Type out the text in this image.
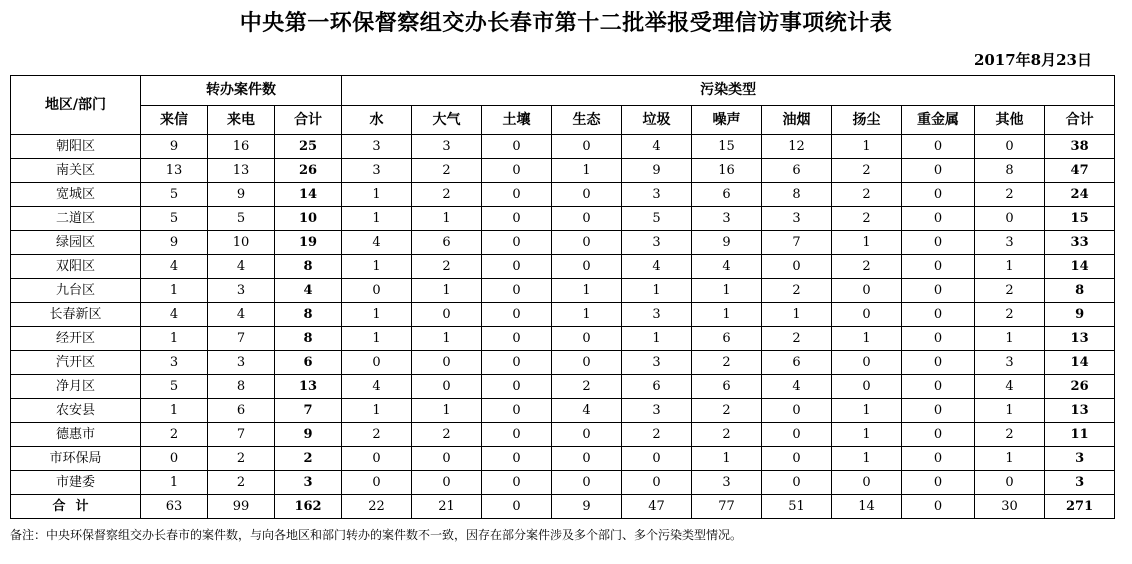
中央第一环保督察组交办长春市第十二批举报受理信访事项统计表
2017年8月23日
地区/部门	转办案件数			污染类型										
	来信	来电	合计	水	大气	土壤	生态	垃圾	噪声	油烟	扬尘	重金属	其他	合计
朝阳区	9	16	25	3	3	0	0	4	15	12	1	0	0	38
南关区	13	13	26	3	2	0	1	9	16	6	2	0	8	47
宽城区	5	9	14	1	2	0	0	3	6	8	2	0	2	24
二道区	5	5	10	1	1	0	0	5	3	3	2	0	0	15
绿园区	9	10	19	4	6	0	0	3	9	7	1	0	3	33
双阳区	4	4	8	1	2	0	0	4	4	0	2	0	1	14
九台区	1	3	4	0	1	0	1	1	1	2	0	0	2	8
长春新区	4	4	8	1	0	0	1	3	1	1	0	0	2	9
经开区	1	7	8	1	1	0	0	1	6	2	1	0	1	13
汽开区	3	3	6	0	0	0	0	3	2	6	0	0	3	14
净月区	5	8	13	4	0	0	2	6	6	4	0	0	4	26
农安县	1	6	7	1	1	0	4	3	2	0	1	0	1	13
德惠市	2	7	9	2	2	0	0	2	2	0	1	0	2	11
市环保局	0	2	2	0	0	0	0	0	1	0	1	0	1	3
市建委	1	2	3	0	0	0	0	0	3	0	0	0	0	3
合计	63	99	162	22	21	0	9	47	77	51	14	0	30	271
备注：中央环保督察组交办长春市的案件数，与向各地区和部门转办的案件数不一致，因存在部分案件涉及多个部门、多个污染类型情况。
